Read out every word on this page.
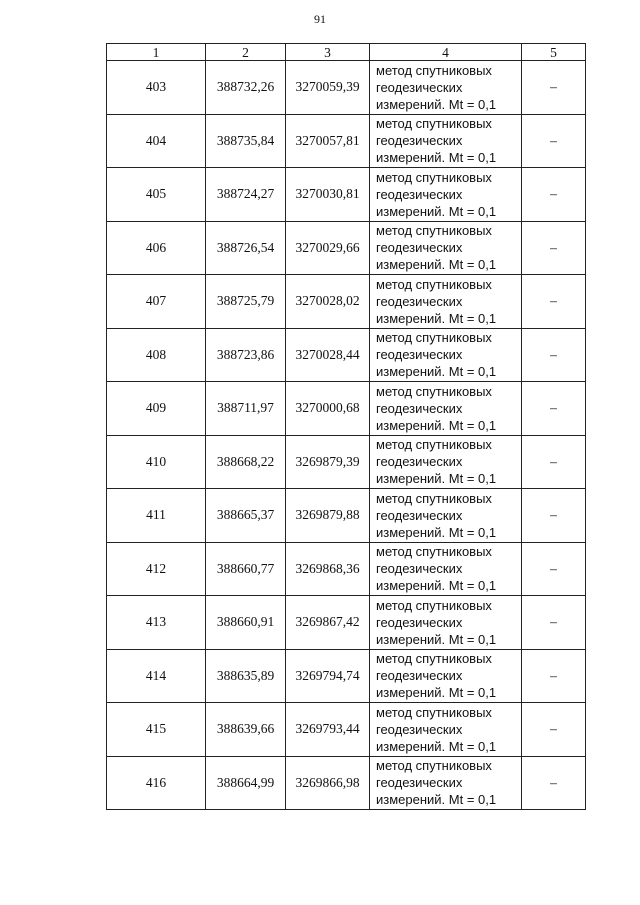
91
1	2	3	4	5
403	388732,26	3270059,39	метод спутниковых
геодезических
измерений. Mt = 0,1	–
404	388735,84	3270057,81	метод спутниковых
геодезических
измерений. Mt = 0,1	–
405	388724,27	3270030,81	метод спутниковых
геодезических
измерений. Mt = 0,1	–
406	388726,54	3270029,66	метод спутниковых
геодезических
измерений. Mt = 0,1	–
407	388725,79	3270028,02	метод спутниковых
геодезических
измерений. Mt = 0,1	–
408	388723,86	3270028,44	метод спутниковых
геодезических
измерений. Mt = 0,1	–
409	388711,97	3270000,68	метод спутниковых
геодезических
измерений. Mt = 0,1	–
410	388668,22	3269879,39	метод спутниковых
геодезических
измерений. Mt = 0,1	–
411	388665,37	3269879,88	метод спутниковых
геодезических
измерений. Mt = 0,1	–
412	388660,77	3269868,36	метод спутниковых
геодезических
измерений. Mt = 0,1	–
413	388660,91	3269867,42	метод спутниковых
геодезических
измерений. Mt = 0,1	–
414	388635,89	3269794,74	метод спутниковых
геодезических
измерений. Mt = 0,1	–
415	388639,66	3269793,44	метод спутниковых
геодезических
измерений. Mt = 0,1	–
416	388664,99	3269866,98	метод спутниковых
геодезических
измерений. Mt = 0,1	–
